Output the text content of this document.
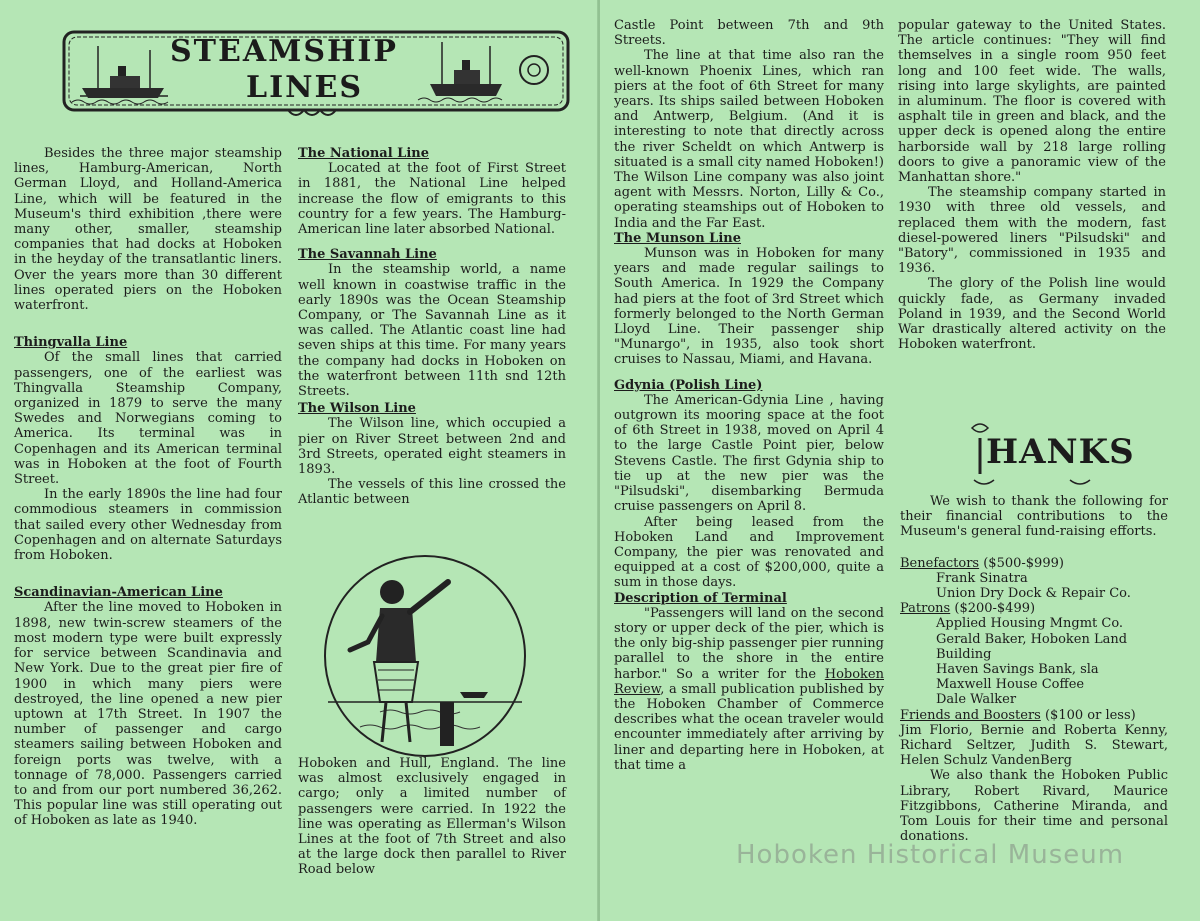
STEAMSHIP
LINES

Besides the three major steamship lines, Hamburg-American, North German Lloyd, and Holland-America Line, which will be featured in the Museum's third exhibition ,there were many other, smaller, steamship companies that had docks at Hoboken in the heyday of the transatlantic liners. Over the years more than 30 different lines operated piers on the Hoboken waterfront.

Thingvalla Line

Of the small lines that carried passengers, one of the earliest was Thingvalla Steamship Company, organized in 1879 to serve the many Swedes and Norwegians coming to America. Its terminal was in Copenhagen and its American terminal was in Hoboken at the foot of Fourth Street.

In the early 1890s the line had four commodious steamers in commission that sailed every other Wednesday from Copenhagen and on alternate Saturdays from Hoboken.

Scandinavian-American Line

After the line moved to Hoboken in 1898, new twin-screw steamers of the most modern type were built expressly for service between Scandinavia and New York. Due to the great pier fire of 1900 in which many piers were destroyed, the line opened a new pier uptown at 17th Street. In 1907 the number of passenger and cargo steamers sailing between Hoboken and foreign ports was twelve, with a tonnage of 78,000. Passengers carried to and from our port numbered 36,262. This popular line was still operating out of Hoboken as late as 1940.

The National Line

Located at the foot of First Street in 1881, the National Line helped increase the flow of emigrants to this country for a few years. The Hamburg-American line later absorbed National.

The Savannah Line

In the steamship world, a name well known in coastwise traffic in the early 1890s was the Ocean Steamship Company, or The Savannah Line as it was called. The Atlantic coast line had seven ships at this time. For many years the company had docks in Hoboken on the waterfront between 11th snd 12th Streets.

The Wilson Line

The Wilson line, which occupied a pier on River Street between 2nd and 3rd Streets, operated eight steamers in 1893.

The vessels of this line crossed the Atlantic between

Hoboken and Hull, England. The line was almost exclusively engaged in cargo; only a limited number of passengers were carried. In 1922 the line was operating as Ellerman's Wilson Lines at the foot of 7th Street and also at the large dock then parallel to River Road below

Castle Point between 7th and 9th Streets.

The line at that time also ran the well-known Phoenix Lines, which ran piers at the foot of 6th Street for many years. Its ships sailed between Hoboken and Antwerp, Belgium. (And it is interesting to note that directly across the river Scheldt on which Antwerp is situated is a small city named Hoboken!) The Wilson Line company was also joint agent with Messrs. Norton, Lilly & Co., operating steamships out of Hoboken to India and the Far East.

The Munson Line

Munson was in Hoboken for many years and made regular sailings to South America. In 1929 the Company had piers at the foot of 3rd Street which formerly belonged to the North German Lloyd Line. Their passenger ship "Munargo", in 1935, also took short cruises to Nassau, Miami, and Havana.

Gdynia (Polish Line)

The American-Gdynia Line , having outgrown its mooring space at the foot of 6th Street in 1938, moved on April 4 to the large Castle Point pier, below Stevens Castle. The first Gdynia ship to tie up at the new pier was the "Pilsudski", disembarking Bermuda cruise passengers on April 8.

After being leased from the Hoboken Land and Improvement Company, the pier was renovated and equipped at a cost of $200,000, quite a sum in those days.

Description of Terminal

"Passengers will land on the second story or upper deck of the pier, which is the only big-ship passenger pier running parallel to the shore in the entire harbor." So a writer for the Hoboken Review, a small publication published by the Hoboken Chamber of Commerce describes what the ocean traveler would encounter immediately after arriving by liner and departing here in Hoboken, at that time a

popular gateway to the United States. The article continues: "They will find themselves in a single room 950 feet long and 100 feet wide. The walls, rising into large skylights, are painted in aluminum. The floor is covered with asphalt tile in green and black, and the upper deck is opened along the entire harborside wall by 218 large rolling doors to give a panoramic view of the Manhattan shore."

The steamship company started in 1930 with three old vessels, and replaced them with the modern, fast diesel-powered liners "Pilsudski" and "Batory", commissioned in 1935 and 1936.

The glory of the Polish line would quickly fade, as Germany invaded Poland in 1939, and the Second World War drastically altered activity on the Hoboken waterfront.

HANKS

We wish to thank the following for their financial contributions to the Museum's general fund-raising efforts.

Benefactors ($500-$999)

Frank Sinatra

Union Dry Dock & Repair Co.

Patrons ($200-$499)

Applied Housing Mngmt Co.

Gerald Baker, Hoboken Land Building

Haven Savings Bank, sla

Maxwell House Coffee

Dale Walker

Friends and Boosters ($100 or less)

Jim Florio, Bernie and Roberta Kenny, Richard Seltzer, Judith S. Stewart, Helen Schulz VandenBerg

We also thank the Hoboken Public Library, Robert Rivard, Maurice Fitzgibbons, Catherine Miranda, and Tom Louis for their time and personal donations.

Hoboken Historical Museum
